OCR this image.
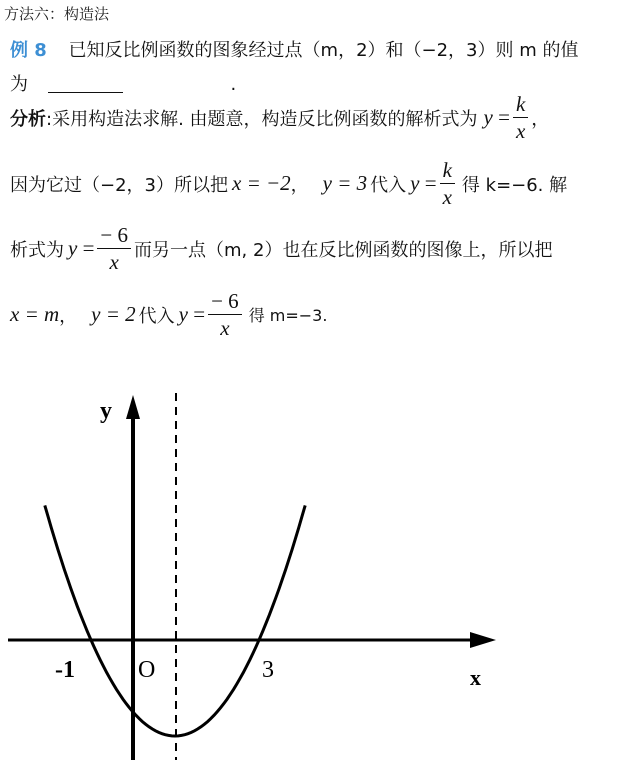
方法六：构造法
例 8 已知反比例函数的图象经过点（m，2）和（−2，3）则 m 的值
为	.
分析 :采用构造法求解. 由题意，构造反比例函数的解析式为 $y = \frac{k}{x}$ ，
因为它过（−2，3）所以把 x = −2 ， y = 3 代入 $y = \frac{k}{x}$ 得 k=−6. 解
析式为 $y = \frac{- 6}{x}$ 而另一点（m, 2）也在反比例函数的图像上，所以把
x = m ， y = 2 代入 $y = \frac{- 6}{x}$ 得 m=−3.
y
x
O
-1	3
